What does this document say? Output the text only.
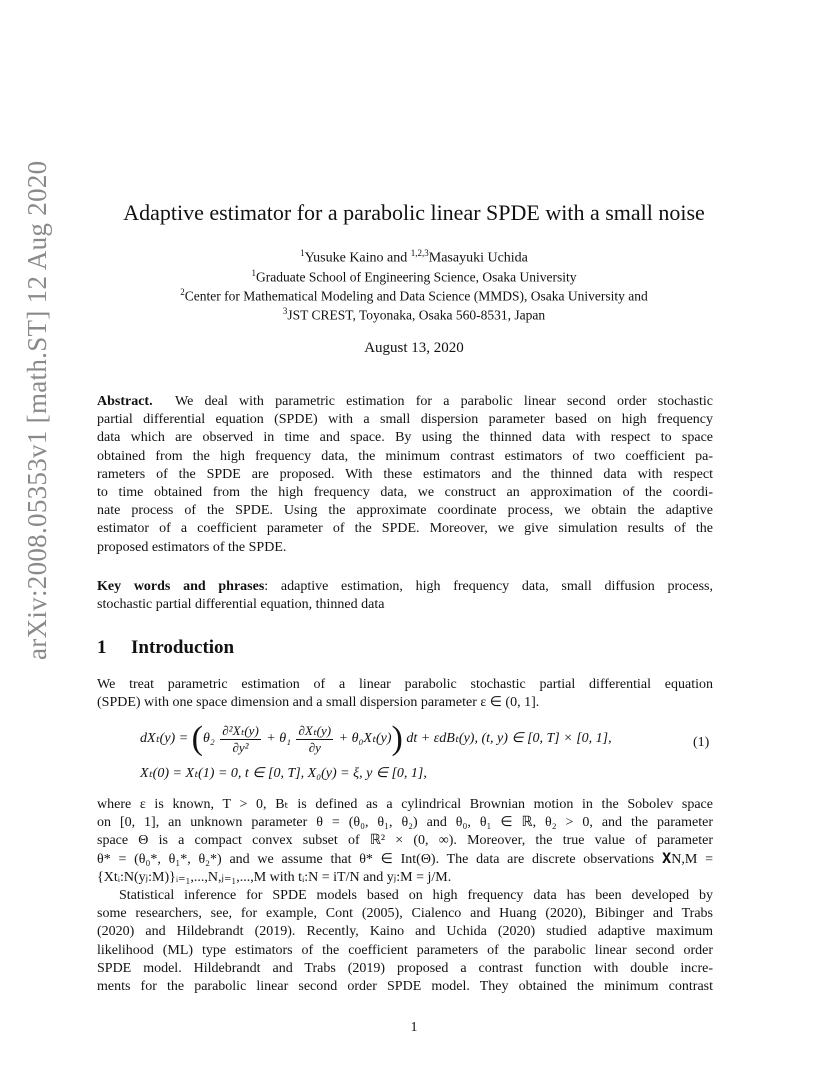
arXiv:2008.05353v1 [math.ST] 12 Aug 2020	Adaptive estimator for a parabolic linear SPDE with a small noise
$^1$Yusuke Kaino and $^{1,2,3}$Masayuki Uchida
$^1$Graduate School of Engineering Science, Osaka University
$^2$Center for Mathematical Modeling and Data Science (MMDS), Osaka University and
$^3$JST CREST, Toyonaka, Osaka 560-8531, Japan
August 13, 2020
Abstract. We deal with parametric estimation for a parabolic linear second order stochastic
partial differential equation (SPDE) with a small dispersion parameter based on high frequency
data which are observed in time and space. By using the thinned data with respect to space
obtained from the high frequency data, the minimum contrast estimators of two coefficient pa-
rameters of the SPDE are proposed. With these estimators and the thinned data with respect
to time obtained from the high frequency data, we construct an approximation of the coordi-
nate process of the SPDE. Using the approximate coordinate process, we obtain the adaptive
estimator of a coefficient parameter of the SPDE. Moreover, we give simulation results of the
proposed estimators of the SPDE.
Key words and phrases: adaptive estimation, high frequency data, small diffusion process,
stochastic partial differential equation, thinned data
1 Introduction
We treat parametric estimation of a linear parabolic stochastic partial differential equation
(SPDE) with one space dimension and a small dispersion parameter ε ∈ (0, 1].
$dX_t(y) = (\theta_2 \frac{\text{∂²Xₜ(y)}}{\text{∂y²}} + \theta_1 \frac{\text{∂Xₜ(y)}}{\partial y} + \theta_0X_t(y))$ dt + εdBₜ(y), (t, y) ∈ [0, T] × [0, 1],	(1)
Xₜ(0) = Xₜ(1) = 0, t ∈ [0, T], X₀(y) = ξ, y ∈ [0, 1],
where ε is known, T > 0, Bₜ is defined as a cylindrical Brownian motion in the Sobolev space
on [0, 1], an unknown parameter θ = (θ₀, θ₁, θ₂) and θ₀, θ₁ ∈ ℝ, θ₂ > 0, and the parameter
space Θ is a compact convex subset of ℝ² × (0, ∞). Moreover, the true value of parameter
θ* = (θ₀*, θ₁*, θ₂*) and we assume that θ* ∈ Int(Θ). The data are discrete observations 𝐗N,M =
{Xtᵢ:N(yⱼ:M)}ᵢ₌₁,...,N,ⱼ₌₁,...,M with tᵢ:N = iT/N and yⱼ:M = j/M.
Statistical inference for SPDE models based on high frequency data has been developed by
some researchers, see, for example, Cont (2005), Cialenco and Huang (2020), Bibinger and Trabs
(2020) and Hildebrandt (2019). Recently, Kaino and Uchida (2020) studied adaptive maximum
likelihood (ML) type estimators of the coefficient parameters of the parabolic linear second order
SPDE model. Hildebrandt and Trabs (2019) proposed a contrast function with double incre-
ments for the parabolic linear second order SPDE model. They obtained the minimum contrast
1
